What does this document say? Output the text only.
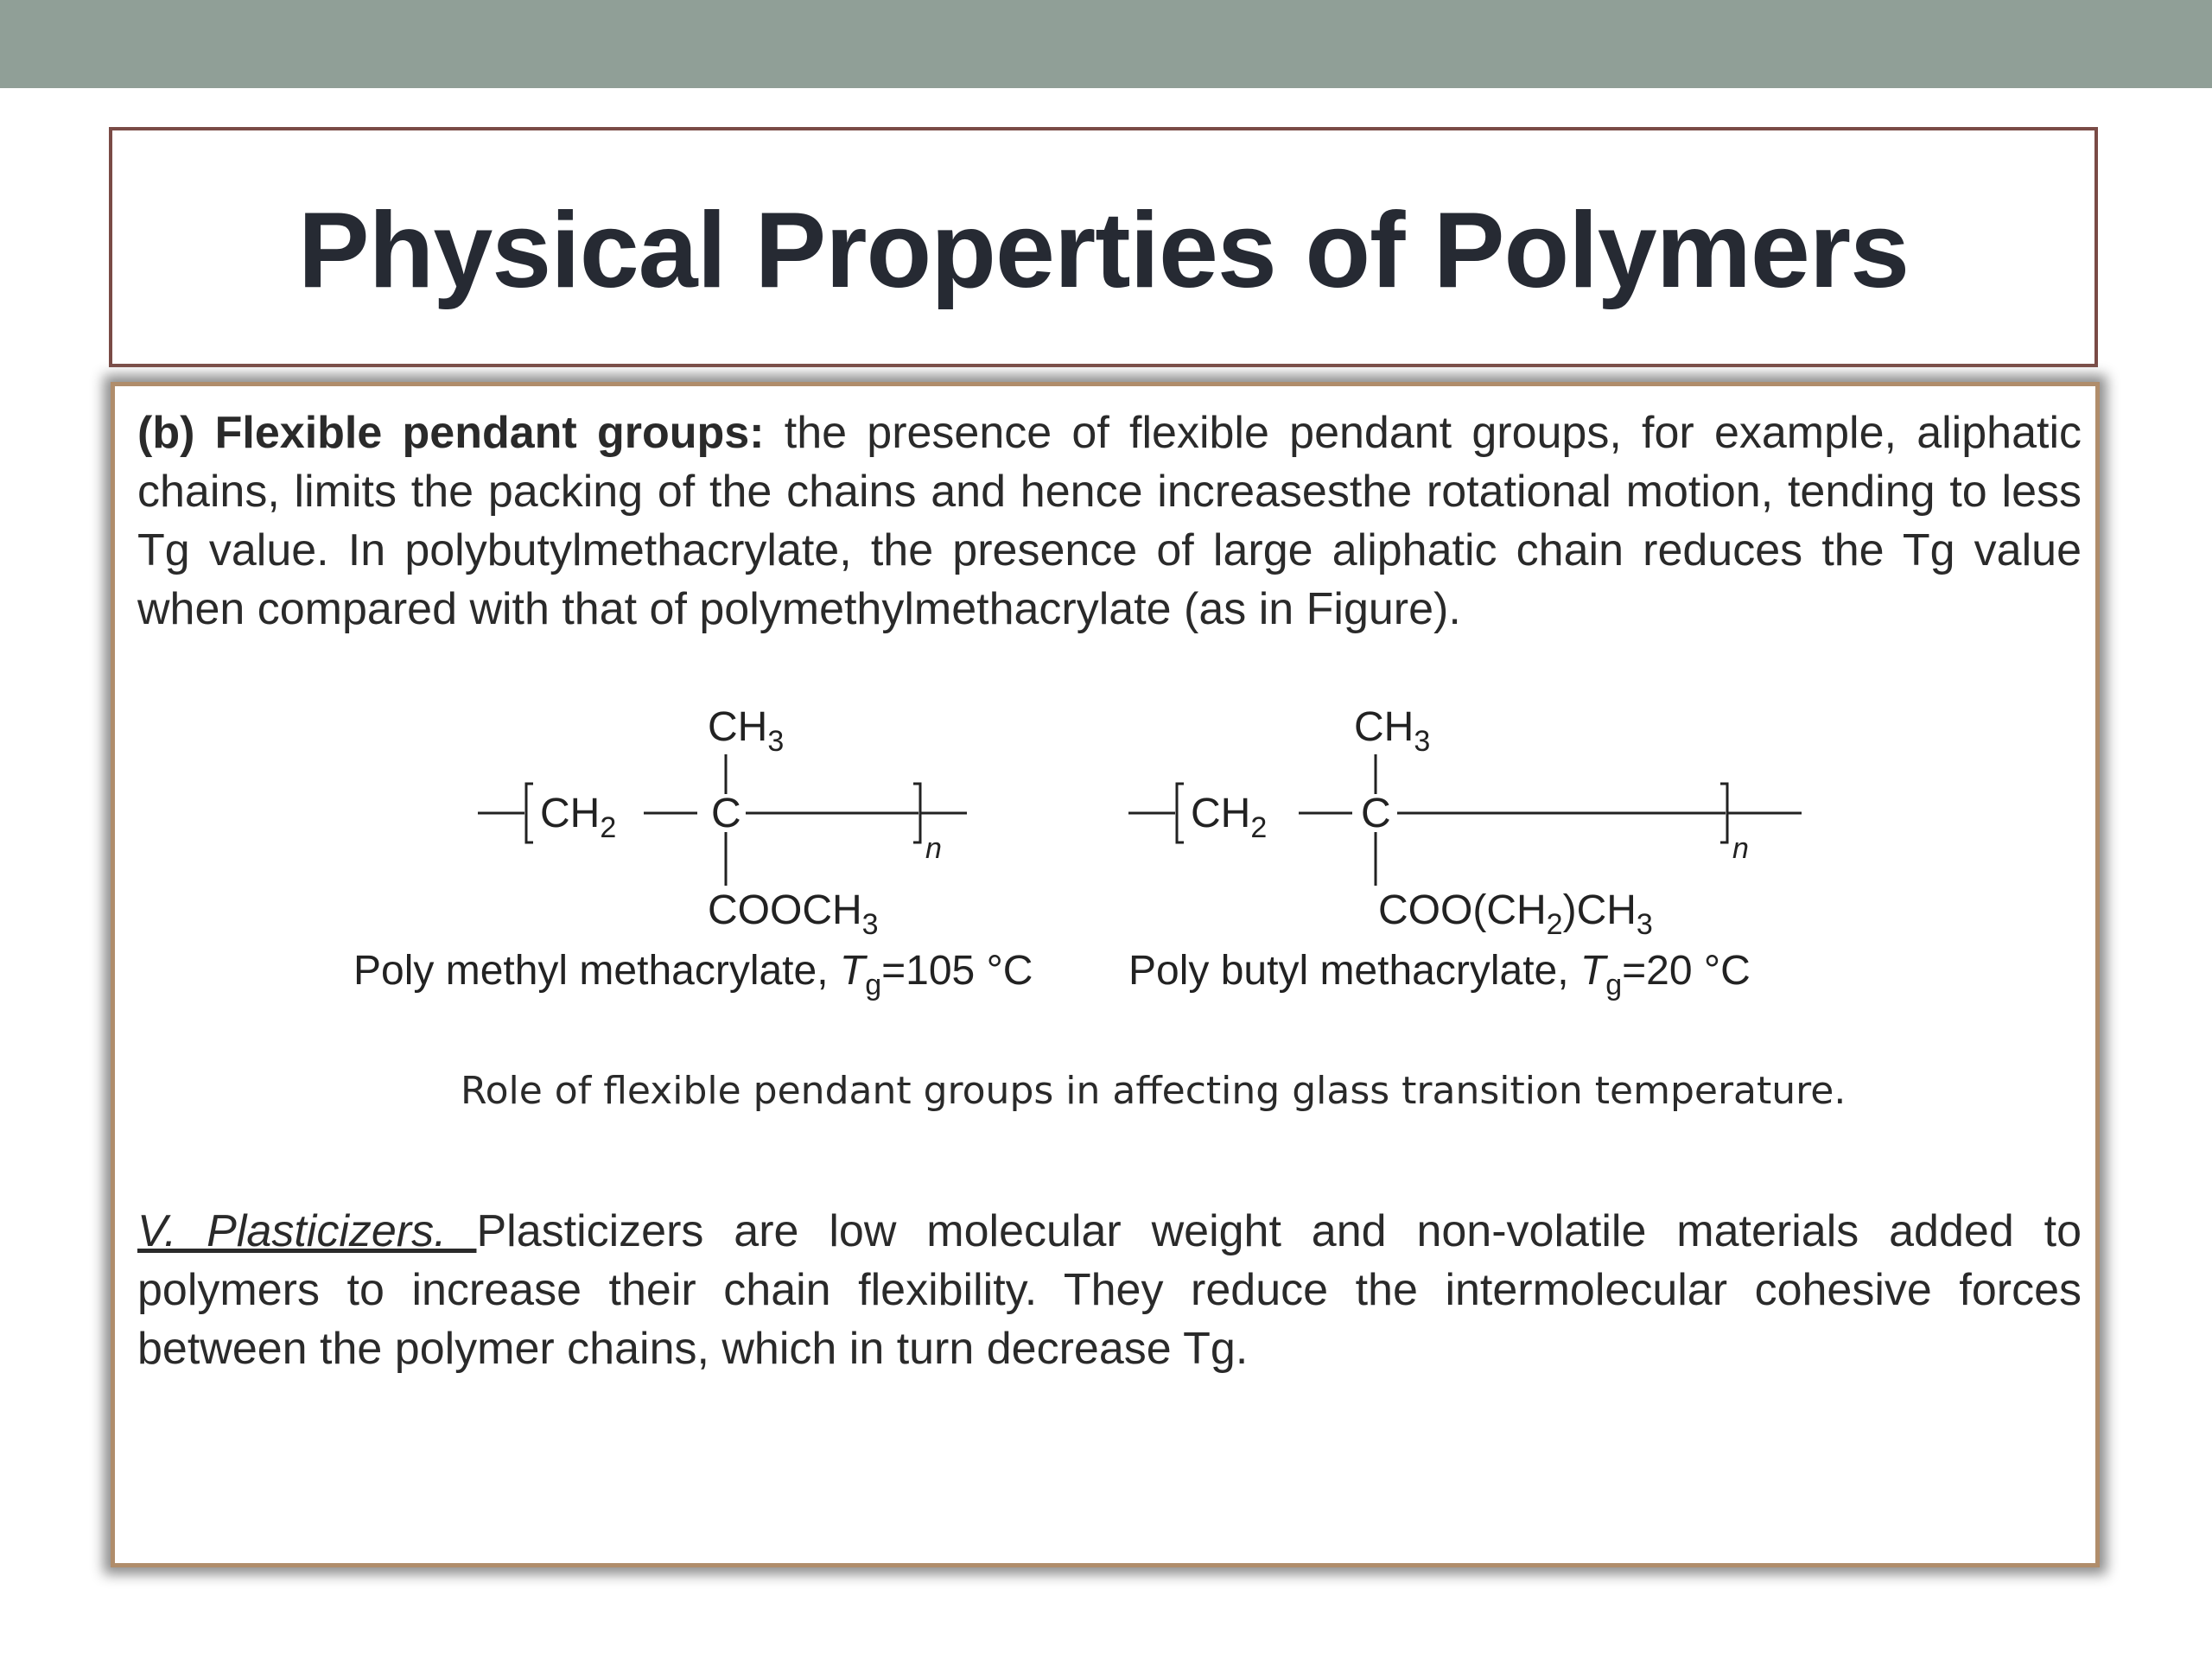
Physical Properties of Polymers

(b) Flexible pendant groups: the presence of flexible pendant groups, for example, aliphatic chains, limits the packing of the chains and hence increasesthe rotational motion, tending to less Tg value. In polybutylmethacrylate, the presence of large aliphatic chain reduces the Tg value when compared with that of polymethylmethacrylate (as in Figure).

$CH_3$
$CH_2$ C
n
$COOCH_3$
$CH_3$
$CH_2$ C
n
$COO(CH_2)CH_3$
Poly methyl methacrylate, $T_g=105$ °C Poly butyl methacrylate, $T_g=20$ °C

Role of flexible pendant groups in affecting glass transition temperature.

V. Plasticizers. Plasticizers are low molecular weight and non-volatile materials added to polymers to increase their chain flexibility. They reduce the intermolecular cohesive forces between the polymer chains, which in turn decrease Tg.
